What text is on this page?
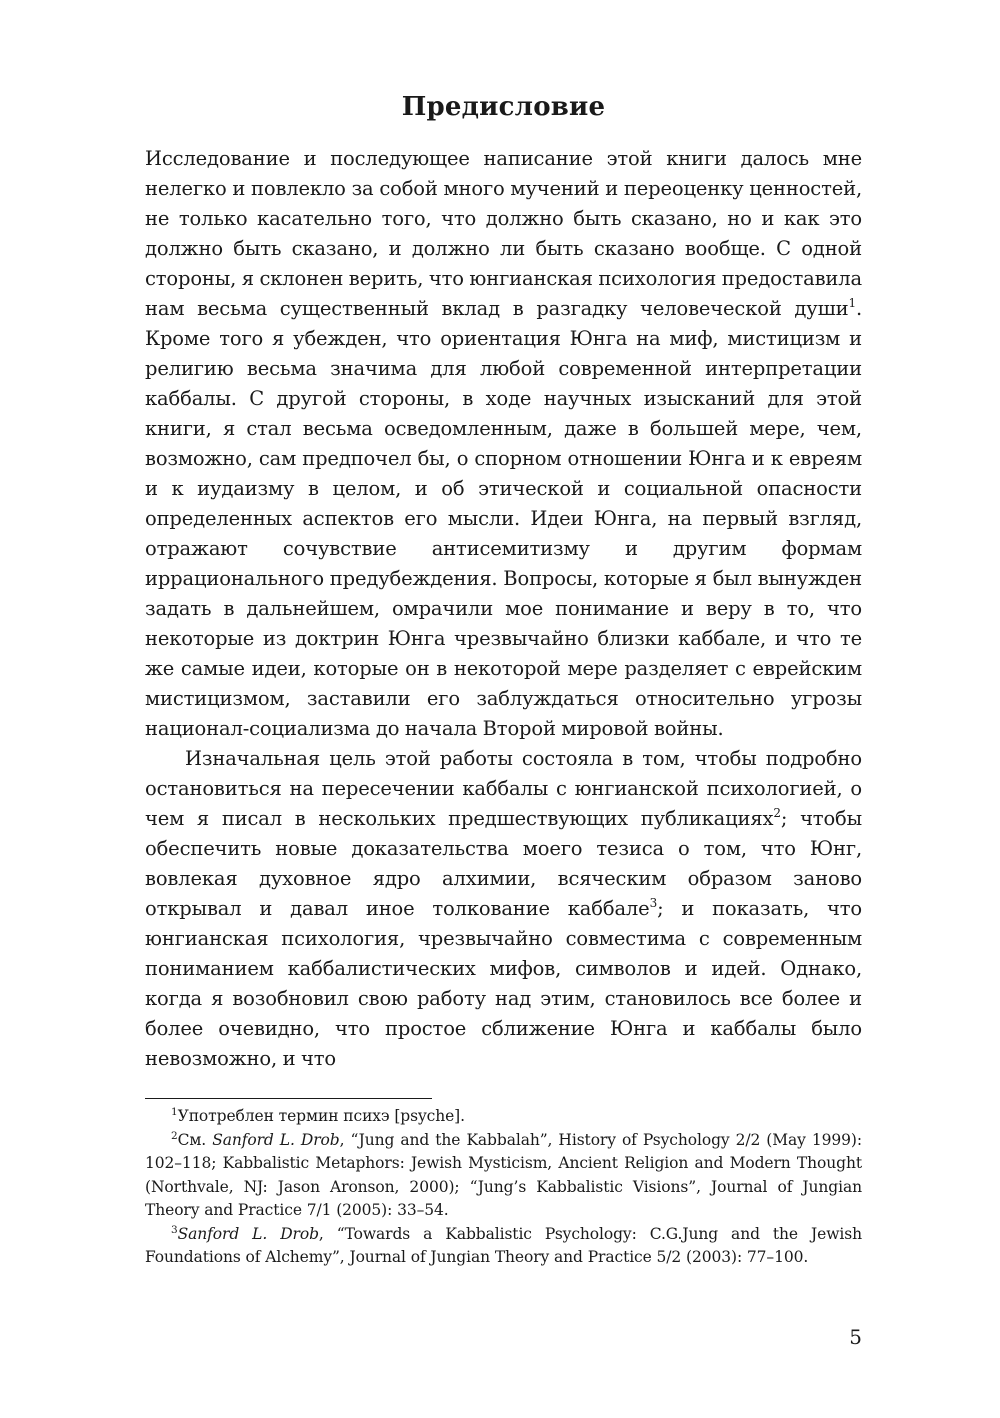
Предисловие

Исследование и последующее написание этой книги далось мне нелегко и повлекло за собой много мучений и переоценку ценностей, не только касательно того, что должно быть сказано, но и как это должно быть сказано, и должно ли быть сказано вообще. С одной стороны, я склонен верить, что юнгианская психология предоставила нам весьма существенный вклад в разгадку человеческой души$^1$. Кроме того я убежден, что ориентация Юнга на миф, мистицизм и религию весьма значима для любой современной интерпретации каббалы. С другой стороны, в ходе научных изысканий для этой книги, я стал весьма осведомленным, даже в большей мере, чем, возможно, сам предпочел бы, о спорном отношении Юнга и к евреям и к иудаизму в целом, и об этической и социальной опасности определенных аспектов его мысли. Идеи Юнга, на первый взгляд, отражают сочувствие антисемитизму и другим формам иррационального предубеждения. Вопросы, которые я был вынужден задать в дальнейшем, омрачили мое понимание и веру в то, что некоторые из доктрин Юнга чрезвычайно близки каббале, и что те же самые идеи, которые он в некоторой мере разделяет с еврейским мистицизмом, заставили его заблуждаться относительно угрозы национал-социализма до начала Второй мировой войны.

Изначальная цель этой работы состояла в том, чтобы подробно остановиться на пересечении каббалы с юнгианской психологией, о чем я писал в нескольких предшествующих публикациях$^2$; чтобы обеспечить новые доказательства моего тезиса о том, что Юнг, вовлекая духовное ядро алхимии, всяческим образом заново открывал и давал иное толкование каббале$^3$; и показать, что юнгианская психология, чрезвычайно совместима с современным пониманием каббалистических мифов, символов и идей. Однако, когда я возобновил свою работу над этим, становилось все более и более очевидно, что простое сближение Юнга и каббалы было невозможно, и что

$^1$Употреблен термин психэ [psyche].

$^2$См. Sanford L. Drob, “Jung and the Kabbalah”, History of Psychology 2/2 (May 1999): 102–118; Kabbalistic Metaphors: Jewish Mysticism, Ancient Religion and Modern Thought (Northvale, NJ: Jason Aronson, 2000); “Jung’s Kabbalistic Visions”, Journal of Jungian Theory and Practice 7/1 (2005): 33–54.

$^3$Sanford L. Drob, “Towards a Kabbalistic Psychology: C.G.Jung and the Jewish Foundations of Alchemy”, Journal of Jungian Theory and Practice 5/2 (2003): 77–100.

5
